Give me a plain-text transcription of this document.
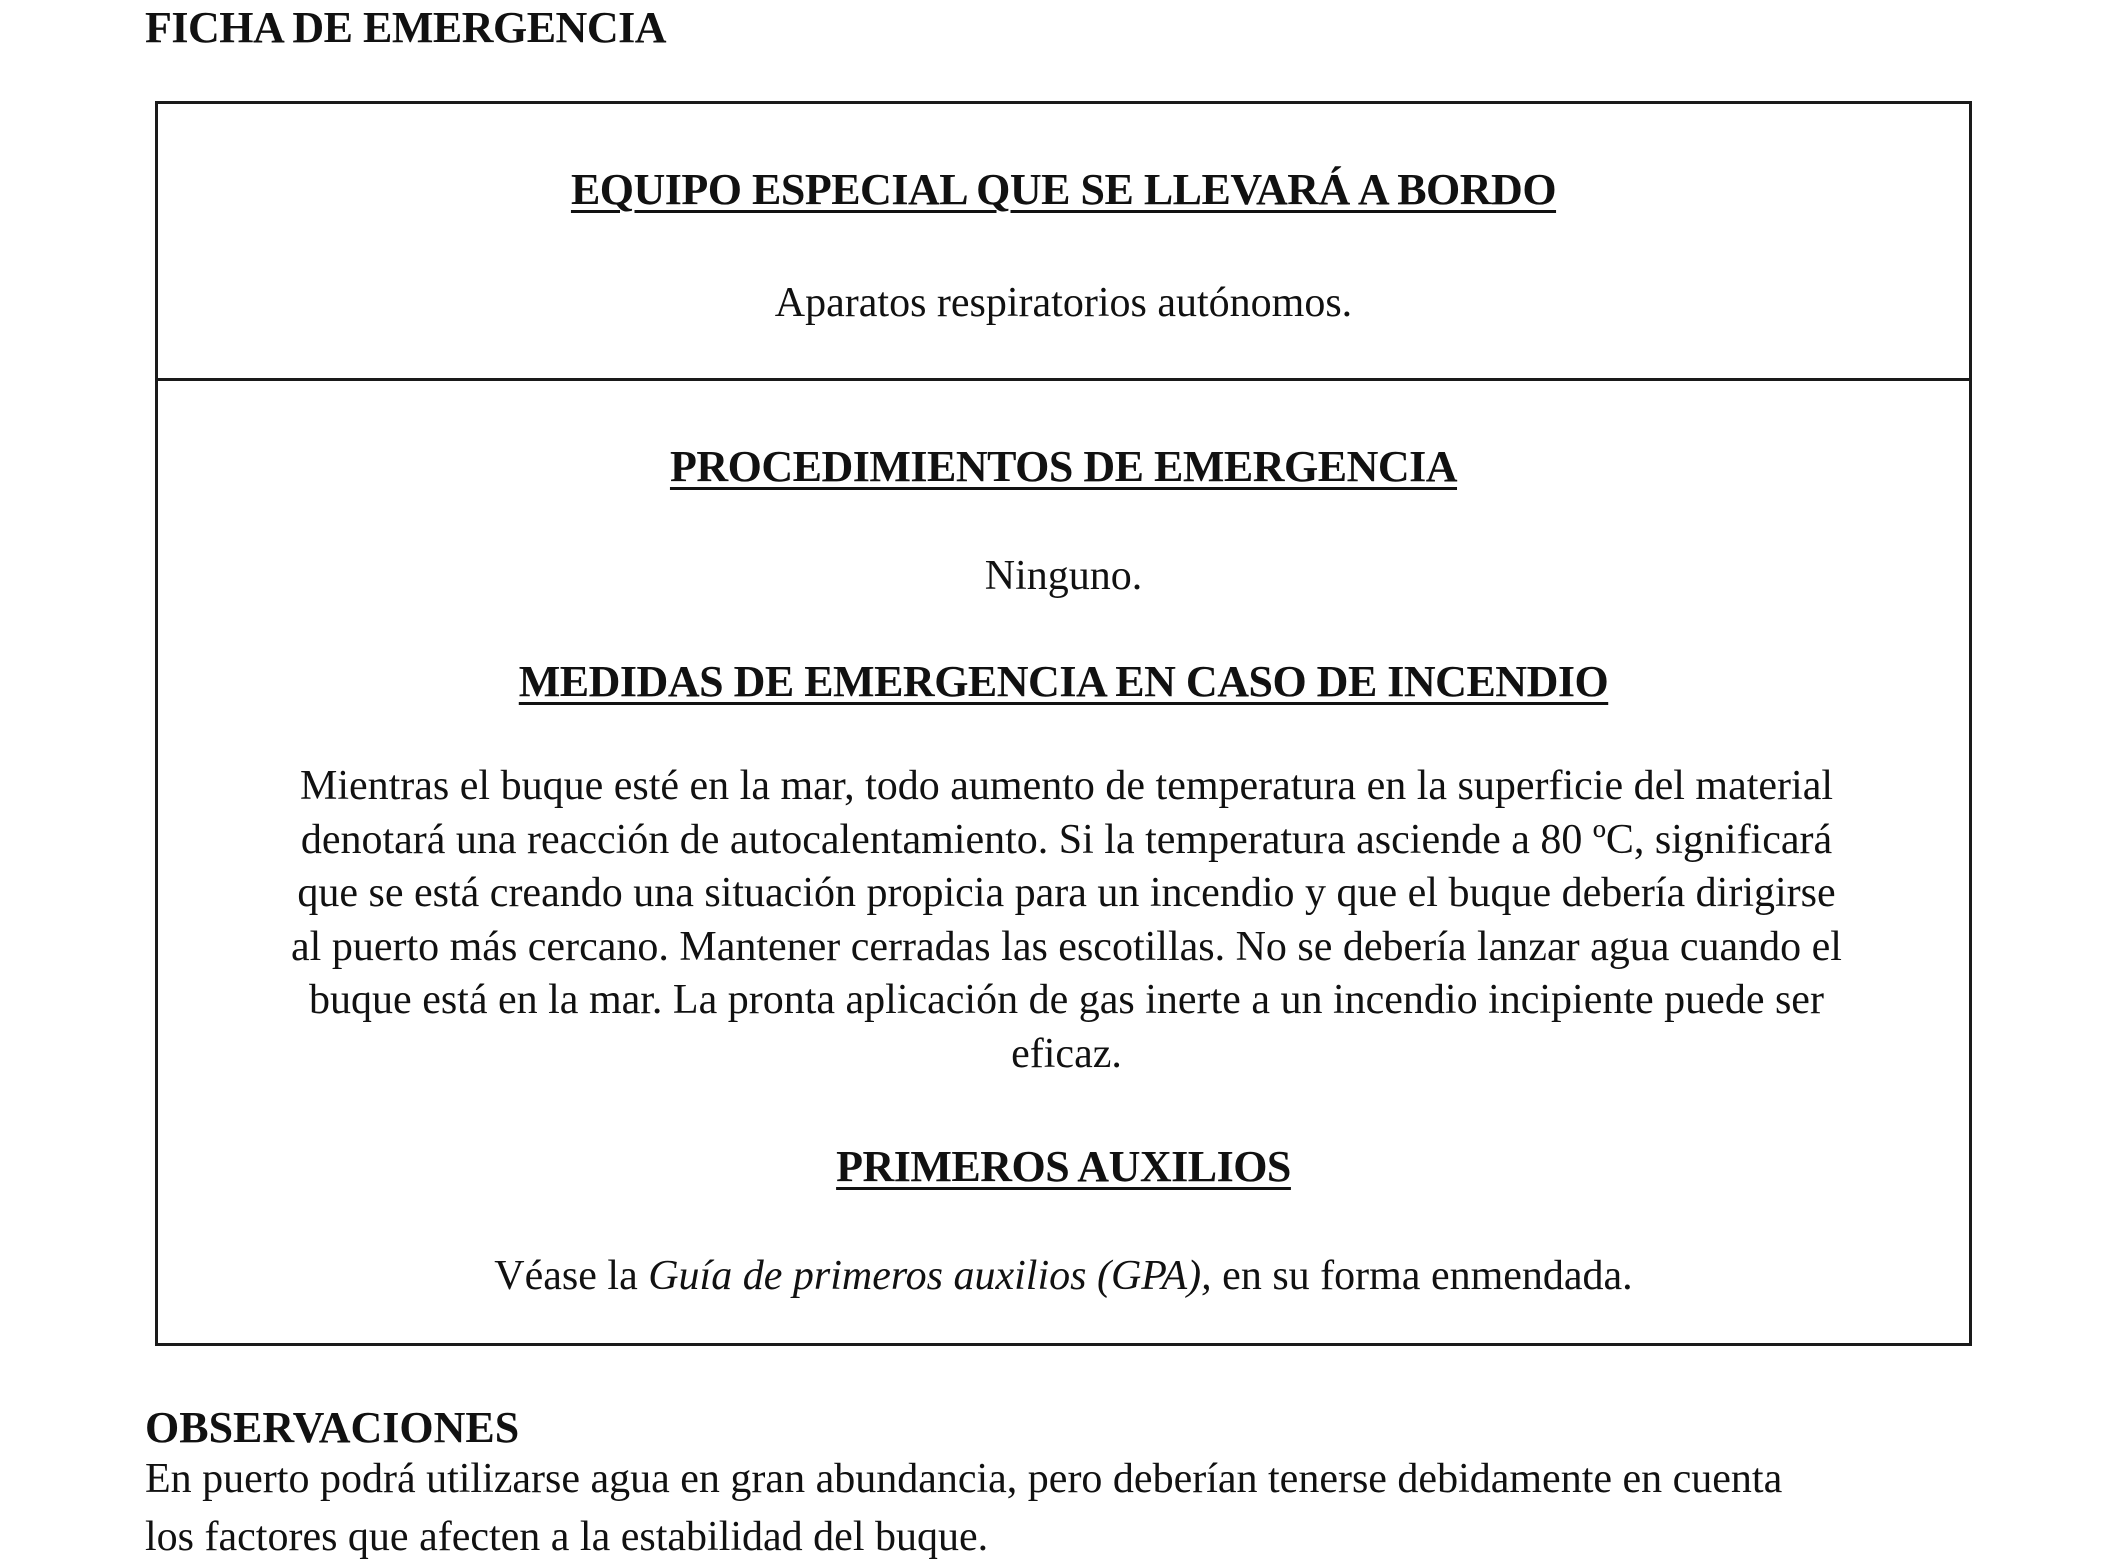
FICHA DE EMERGENCIA
EQUIPO ESPECIAL QUE SE LLEVARÁ A BORDO
Aparatos respiratorios autónomos.
PROCEDIMIENTOS DE EMERGENCIA
Ninguno.
MEDIDAS DE EMERGENCIA EN CASO DE INCENDIO
Mientras el buque esté en la mar, todo aumento de temperatura en la superficie del material
denotará una reacción de autocalentamiento. Si la temperatura asciende a 80 ºC, significará
que se está creando una situación propicia para un incendio y que el buque debería dirigirse
al puerto más cercano. Mantener cerradas las escotillas. No se debería lanzar agua cuando el
buque está en la mar. La pronta aplicación de gas inerte a un incendio incipiente puede ser
eficaz.
PRIMEROS AUXILIOS
Véase la Guía de primeros auxilios (GPA), en su forma enmendada.
OBSERVACIONES
En puerto podrá utilizarse agua en gran abundancia, pero deberían tenerse debidamente en cuenta
los factores que afecten a la estabilidad del buque.
